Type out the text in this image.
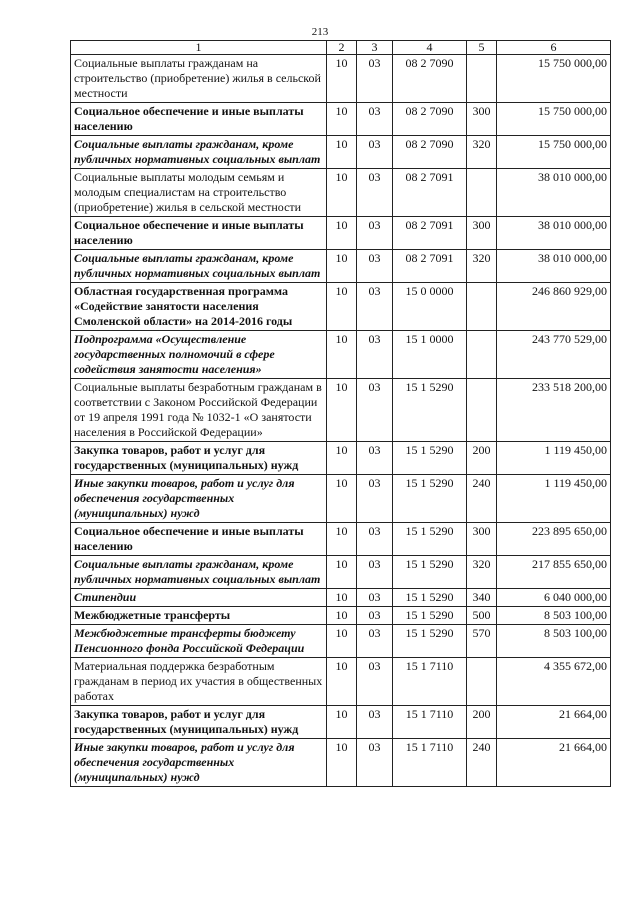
213
1	2	3	4	5	6
Социальные выплаты гражданам на строительство (приобретение) жилья в сельской местности	10	03	08 2 7090		15 750 000,00
Социальное обеспечение и иные выплаты населению	10	03	08 2 7090	300	15 750 000,00
Социальные выплаты гражданам, кроме публичных нормативных социальных выплат	10	03	08 2 7090	320	15 750 000,00
Социальные выплаты молодым семьям и молодым специалистам на строительство (приобретение) жилья в сельской местности	10	03	08 2 7091		38 010 000,00
Социальное обеспечение и иные выплаты населению	10	03	08 2 7091	300	38 010 000,00
Социальные выплаты гражданам, кроме публичных нормативных социальных выплат	10	03	08 2 7091	320	38 010 000,00
Областная государственная программа «Содействие занятости населения Смоленской области» на 2014-2016 годы	10	03	15 0 0000		246 860 929,00
Подпрограмма «Осуществление государственных полномочий в сфере содействия занятости населения»	10	03	15 1 0000		243 770 529,00
Социальные выплаты безработным гражданам в соответствии с Законом Российской Федерации от 19 апреля 1991 года № 1032-1 «О занятости населения в Российской Федерации»	10	03	15 1 5290		233 518 200,00
Закупка товаров, работ и услуг для государственных (муниципальных) нужд	10	03	15 1 5290	200	1 119 450,00
Иные закупки товаров, работ и услуг для обеспечения государственных (муниципальных) нужд	10	03	15 1 5290	240	1 119 450,00
Социальное обеспечение и иные выплаты населению	10	03	15 1 5290	300	223 895 650,00
Социальные выплаты гражданам, кроме публичных нормативных социальных выплат	10	03	15 1 5290	320	217 855 650,00
Стипендии	10	03	15 1 5290	340	6 040 000,00
Межбюджетные трансферты	10	03	15 1 5290	500	8 503 100,00
Межбюджетные трансферты бюджету Пенсионного фонда Российской Федерации	10	03	15 1 5290	570	8 503 100,00
Материальная поддержка безработным гражданам в период их участия в общественных работах	10	03	15 1 7110		4 355 672,00
Закупка товаров, работ и услуг для государственных (муниципальных) нужд	10	03	15 1 7110	200	21 664,00
Иные закупки товаров, работ и услуг для обеспечения государственных (муниципальных) нужд	10	03	15 1 7110	240	21 664,00
